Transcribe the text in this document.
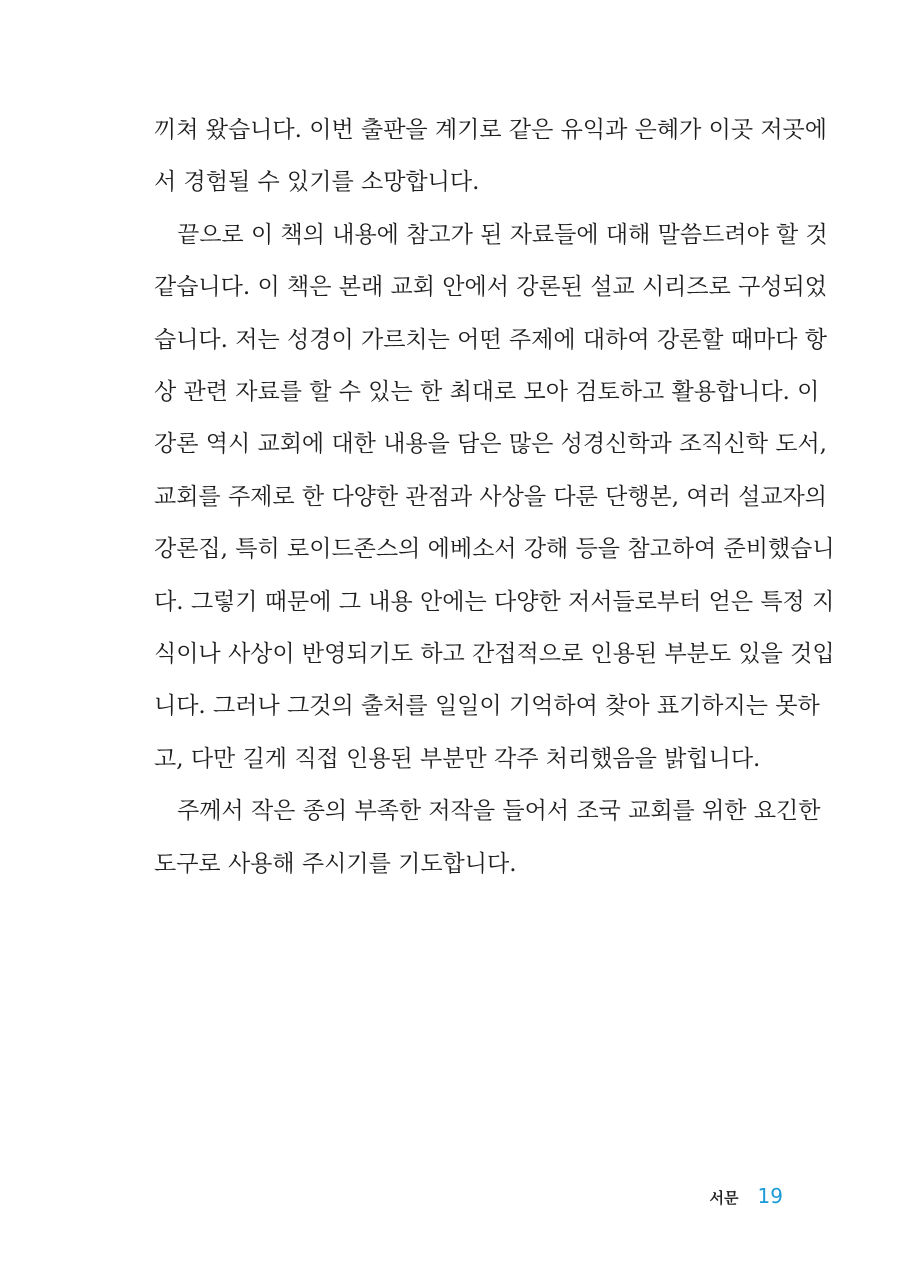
끼쳐 왔습니다. 이번 출판을 계기로 같은 유익과 은혜가 이곳 저곳에
서 경험될 수 있기를 소망합니다.
끝으로 이 책의 내용에 참고가 된 자료들에 대해 말씀드려야 할 것
같습니다. 이 책은 본래 교회 안에서 강론된 설교 시리즈로 구성되었
습니다. 저는 성경이 가르치는 어떤 주제에 대하여 강론할 때마다 항
상 관련 자료를 할 수 있는 한 최대로 모아 검토하고 활용합니다. 이
강론 역시 교회에 대한 내용을 담은 많은 성경신학과 조직신학 도서,
교회를 주제로 한 다양한 관점과 사상을 다룬 단행본, 여러 설교자의
강론집, 특히 로이드존스의 에베소서 강해 등을 참고하여 준비했습니
다. 그렇기 때문에 그 내용 안에는 다양한 저서들로부터 얻은 특정 지
식이나 사상이 반영되기도 하고 간접적으로 인용된 부분도 있을 것입
니다. 그러나 그것의 출처를 일일이 기억하여 찾아 표기하지는 못하
고, 다만 길게 직접 인용된 부분만 각주 처리했음을 밝힙니다.
주께서 작은 종의 부족한 저작을 들어서 조국 교회를 위한 요긴한
도구로 사용해 주시기를 기도합니다.
서문 19
